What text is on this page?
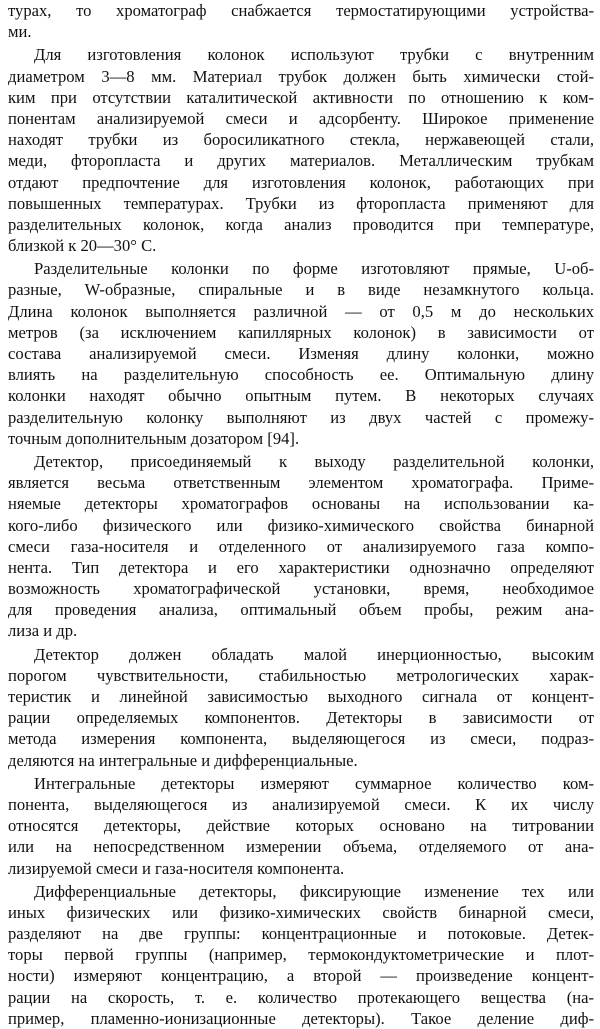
турах, то хроматограф снабжается термостатирующими устройства-
ми.
Для изготовления колонок используют трубки с внутренним
диаметром 3—8 мм. Материал трубок должен быть химически стой-
ким при отсутствии каталитической активности по отношению к ком-
понентам анализируемой смеси и адсорбенту. Широкое применение
находят трубки из боросиликатного стекла, нержавеющей стали,
меди, фторопласта и других материалов. Металлическим трубкам
отдают предпочтение для изготовления колонок, работающих при
повышенных температурах. Трубки из фторопласта применяют для
разделительных колонок, когда анализ проводится при температуре,
близкой к 20—30° С.
Разделительные колонки по форме изготовляют прямые, U-об-
разные, W-образные, спиральные и в виде незамкнутого кольца.
Длина колонок выполняется различной — от 0,5 м до нескольких
метров (за исключением капиллярных колонок) в зависимости от
состава анализируемой смеси. Изменяя длину колонки, можно
влиять на разделительную способность ее. Оптимальную длину
колонки находят обычно опытным путем. В некоторых случаях
разделительную колонку выполняют из двух частей с промежу-
точным дополнительным дозатором [94].
Детектор, присоединяемый к выходу разделительной колонки,
является весьма ответственным элементом хроматографа. Приме-
няемые детекторы хроматографов основаны на использовании ка-
кого-либо физического или физико-химического свойства бинарной
смеси газа-носителя и отделенного от анализируемого газа компо-
нента. Тип детектора и его характеристики однозначно определяют
возможность хроматографической установки, время, необходимое
для проведения анализа, оптимальный объем пробы, режим ана-
лиза и др.
Детектор должен обладать малой инерционностью, высоким
порогом чувствительности, стабильностью метрологических харак-
теристик и линейной зависимостью выходного сигнала от концент-
рации определяемых компонентов. Детекторы в зависимости от
метода измерения компонента, выделяющегося из смеси, подраз-
деляются на интегральные и дифференциальные.
Интегральные детекторы измеряют суммарное количество ком-
понента, выделяющегося из анализируемой смеси. К их числу
относятся детекторы, действие которых основано на титровании
или на непосредственном измерении объема, отделяемого от ана-
лизируемой смеси и газа-носителя компонента.
Дифференциальные детекторы, фиксирующие изменение тех или
иных физических или физико-химических свойств бинарной смеси,
разделяют на две группы: концентрационные и потоковые. Детек-
торы первой группы (например, термокондуктометрические и плот-
ности) измеряют концентрацию, а второй — произведение концент-
рации на скорость, т. е. количество протекающего вещества (на-
пример, пламенно-ионизационные детекторы). Такое деление диф-
